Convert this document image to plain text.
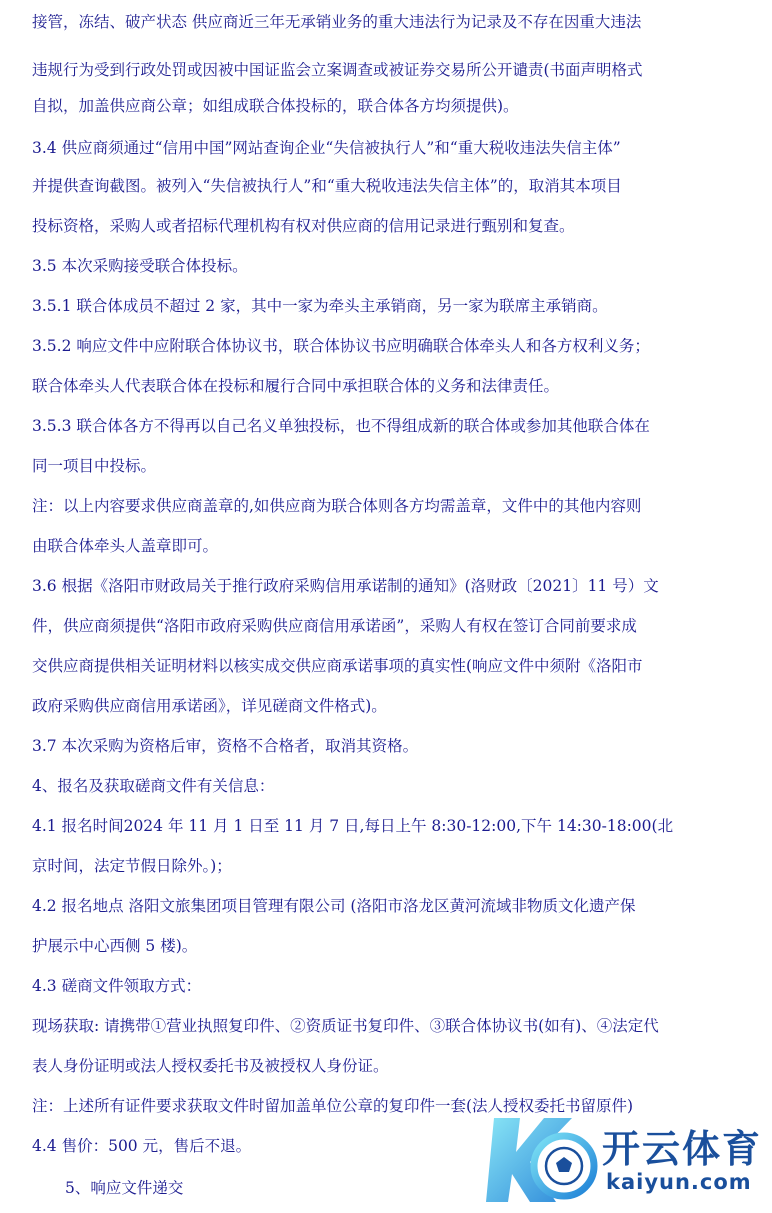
接管，冻结、破产状态 供应商近三年无承销业务的重大违法行为记录及不存在因重大违法
违规行为受到行政处罚或因被中国证监会立案调查或被证券交易所公开谴责(书面声明格式
自拟，加盖供应商公章；如组成联合体投标的，联合体各方均须提供)。
3.4 供应商须通过“信用中国”网站查询企业“失信被执行人”和“重大税收违法失信主体”
并提供查询截图。被列入“失信被执行人”和“重大税收违法失信主体”的，取消其本项目
投标资格，采购人或者招标代理机构有权对供应商的信用记录进行甄别和复查。
3.5 本次采购接受联合体投标。
3.5.1 联合体成员不超过 2 家，其中一家为牵头主承销商，另一家为联席主承销商。
3.5.2 响应文件中应附联合体协议书，联合体协议书应明确联合体牵头人和各方权利义务；
联合体牵头人代表联合体在投标和履行合同中承担联合体的义务和法律责任。
3.5.3 联合体各方不得再以自己名义单独投标，也不得组成新的联合体或参加其他联合体在
同一项目中投标。
注：以上内容要求供应商盖章的,如供应商为联合体则各方均需盖章，文件中的其他内容则
由联合体牵头人盖章即可。
3.6 根据《洛阳市财政局关于推行政府采购信用承诺制的通知》(洛财政〔2021〕11 号）文
件，供应商须提供“洛阳市政府采购供应商信用承诺函”，采购人有权在签订合同前要求成
交供应商提供相关证明材料以核实成交供应商承诺事项的真实性(响应文件中须附《洛阳市
政府采购供应商信用承诺函》，详见磋商文件格式)。
3.7 本次采购为资格后审，资格不合格者，取消其资格。
4、报名及获取磋商文件有关信息：
4.1 报名时间2024 年 11 月 1 日至 11 月 7 日,每日上午 8:30-12:00,下午 14:30-18:00(北
京时间，法定节假日除外。)；
4.2 报名地点 洛阳文旅集团项目管理有限公司 (洛阳市洛龙区黄河流域非物质文化遗产保
护展示中心西侧 5 楼)。
4.3 磋商文件领取方式：
现场获取: 请携带①营业执照复印件、②资质证书复印件、③联合体协议书(如有)、④法定代
表人身份证明或法人授权委托书及被授权人身份证。
注：上述所有证件要求获取文件时留加盖单位公章的复印件一套(法人授权委托书留原件)
4.4 售价：500 元，售后不退。
5、响应文件递交
开云体育
kaiyun.com
